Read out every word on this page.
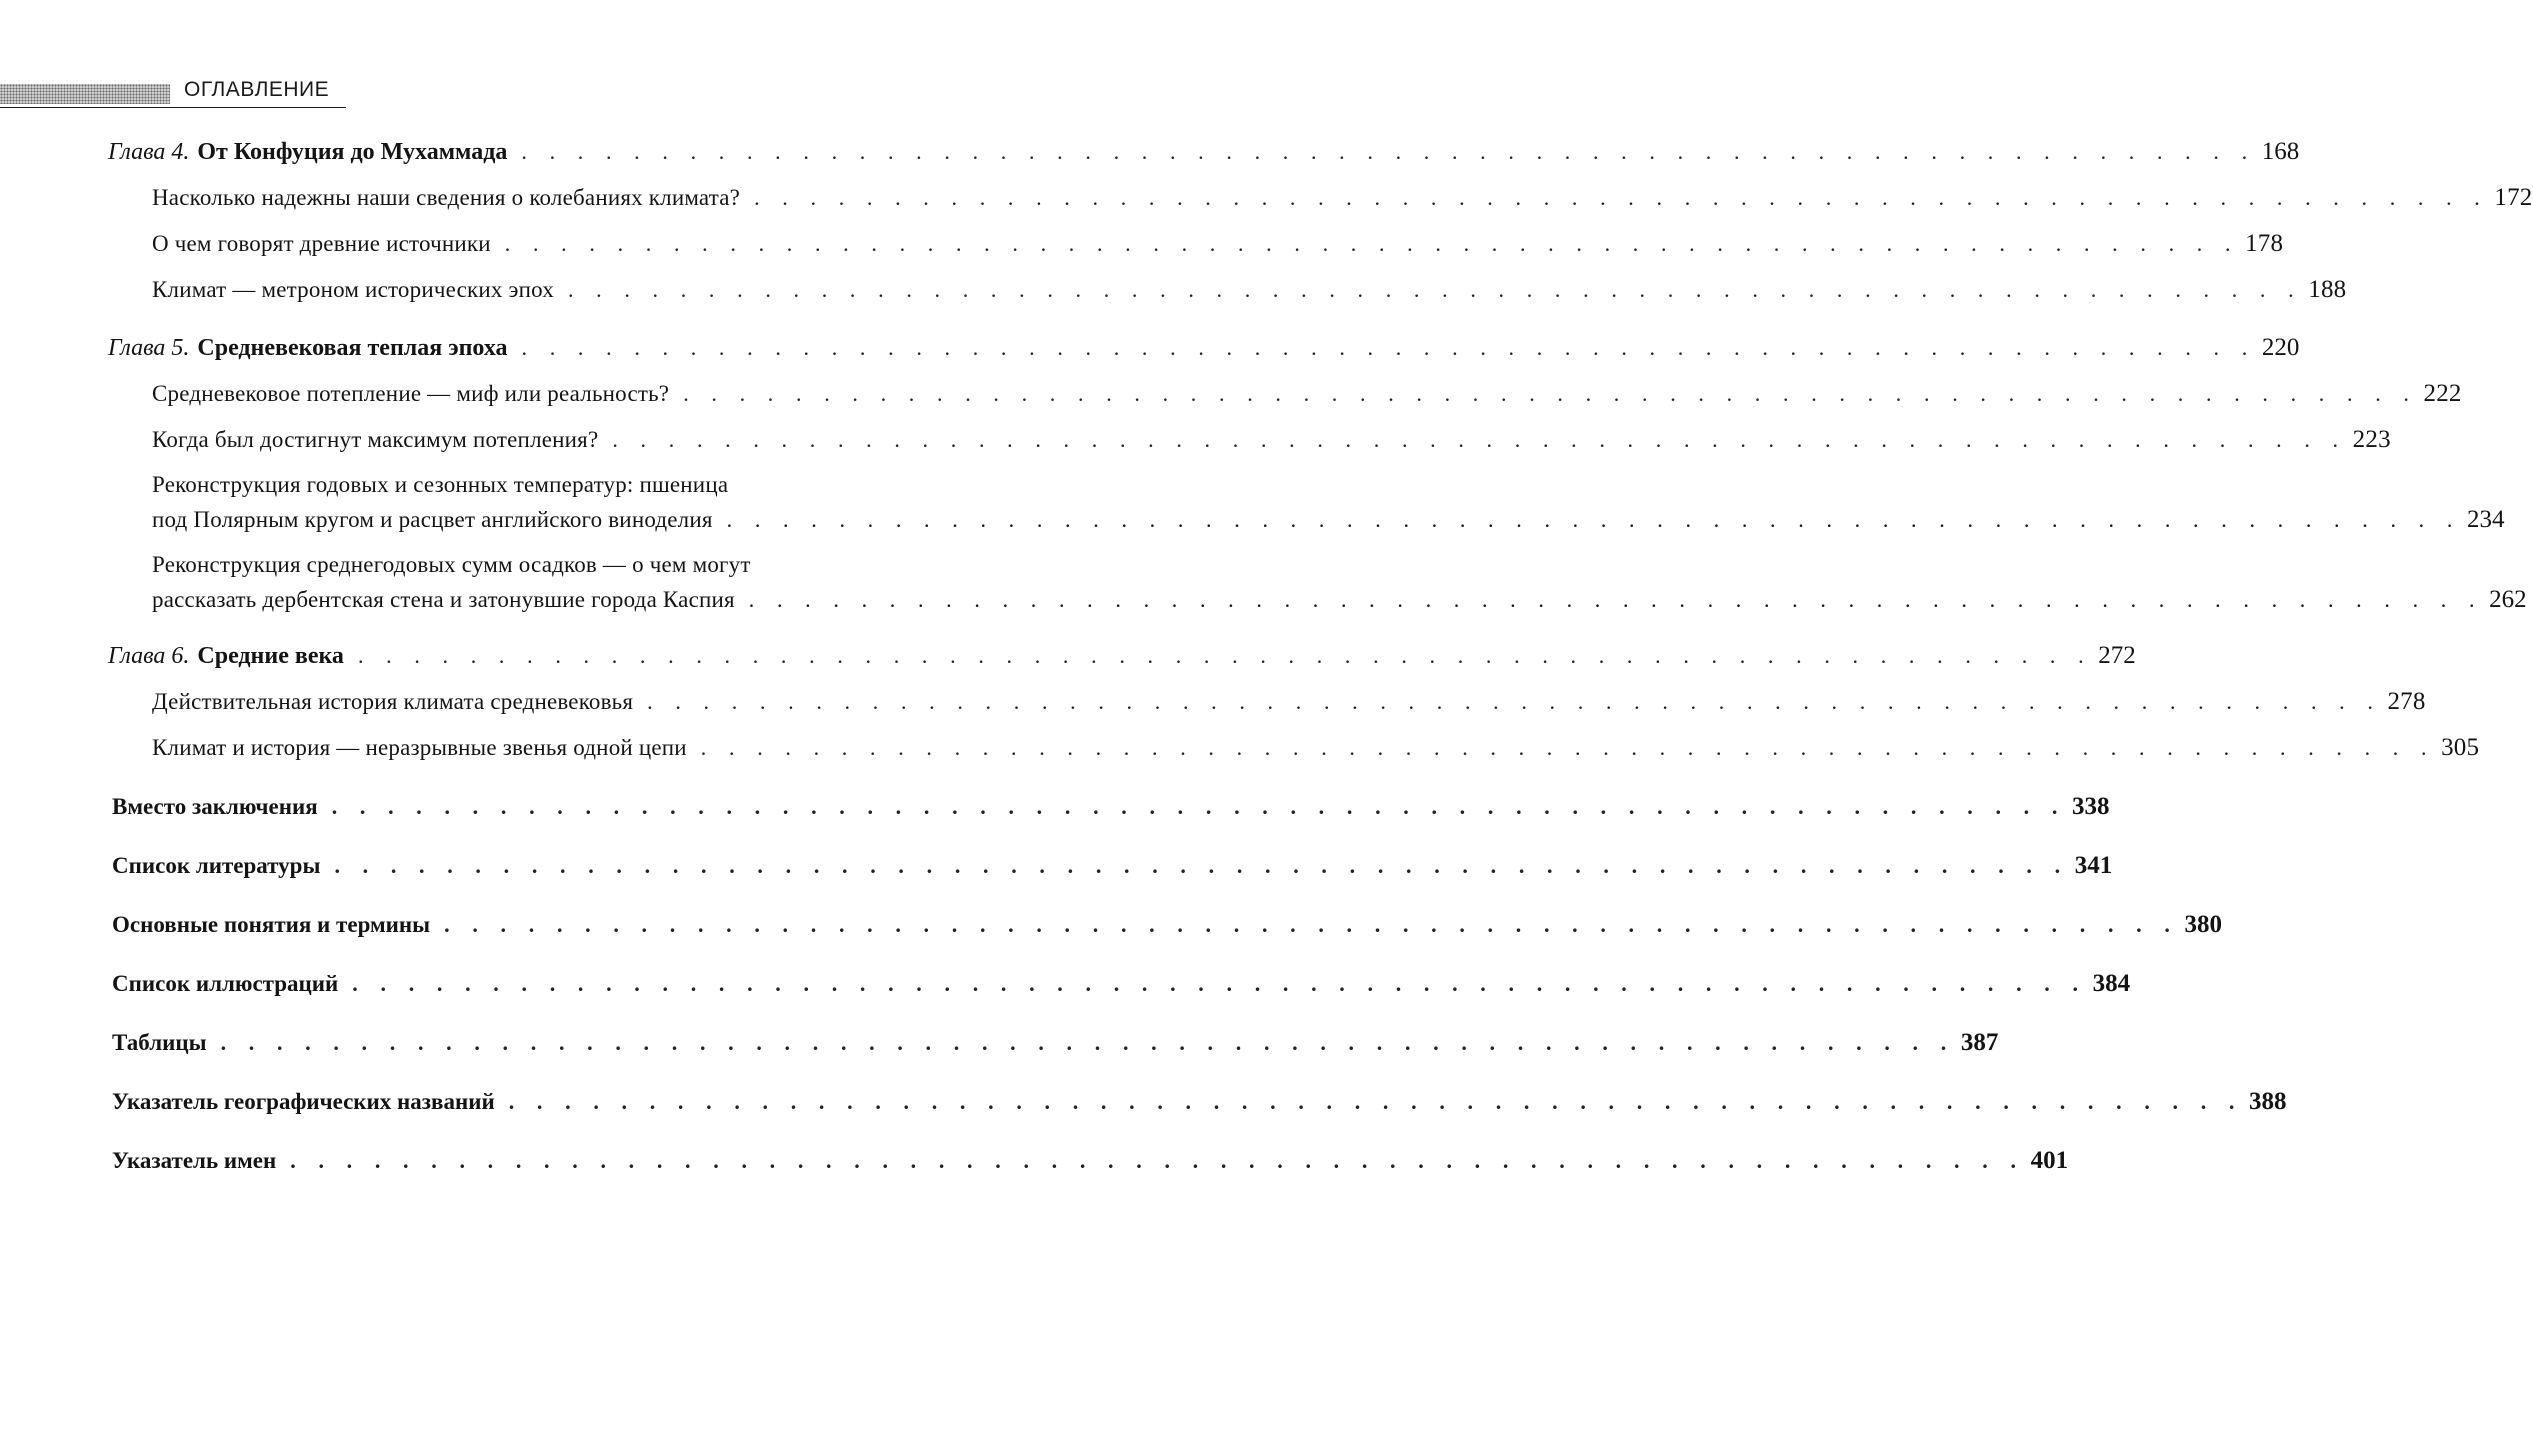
ОГЛАВЛЕНИЕ
Глава 4. От Конфуция до Мухаммада . . . . . . . . . . . . . . . . . . . . . . . . . . . . . . . . . . . . . . . . . . . . . . . . . . . . . . . . . . . . . . 168
Насколько надежны наши сведения о колебаниях климата? . . . . . . . . . . . . . . . . . . . . . . . . . . . . . . . . . . . . . . . . . . . . . . . . . . . . . . . . . . . . . . 172
О чем говорят древние источники . . . . . . . . . . . . . . . . . . . . . . . . . . . . . . . . . . . . . . . . . . . . . . . . . . . . . . . . . . . . . . 178
Климат — метроном исторических эпох . . . . . . . . . . . . . . . . . . . . . . . . . . . . . . . . . . . . . . . . . . . . . . . . . . . . . . . . . . . . . . 188
Глава 5. Средневековая теплая эпоха . . . . . . . . . . . . . . . . . . . . . . . . . . . . . . . . . . . . . . . . . . . . . . . . . . . . . . . . . . . . . . 220
Средневековое потепление — миф или реальность? . . . . . . . . . . . . . . . . . . . . . . . . . . . . . . . . . . . . . . . . . . . . . . . . . . . . . . . . . . . . . . 222
Когда был достигнут максимум потепления? . . . . . . . . . . . . . . . . . . . . . . . . . . . . . . . . . . . . . . . . . . . . . . . . . . . . . . . . . . . . . . 223
Реконструкция годовых и сезонных температур: пшеница
под Полярным кругом и расцвет английского виноделия . . . . . . . . . . . . . . . . . . . . . . . . . . . . . . . . . . . . . . . . . . . . . . . . . . . . . . . . . . . . . . 234
Реконструкция среднегодовых сумм осадков — о чем могут
рассказать дербентская стена и затонувшие города Каспия . . . . . . . . . . . . . . . . . . . . . . . . . . . . . . . . . . . . . . . . . . . . . . . . . . . . . . . . . . . . . . 262
Глава 6. Средние века . . . . . . . . . . . . . . . . . . . . . . . . . . . . . . . . . . . . . . . . . . . . . . . . . . . . . . . . . . . . . . 272
Действительная история климата средневековья . . . . . . . . . . . . . . . . . . . . . . . . . . . . . . . . . . . . . . . . . . . . . . . . . . . . . . . . . . . . . . 278
Климат и история — неразрывные звенья одной цепи . . . . . . . . . . . . . . . . . . . . . . . . . . . . . . . . . . . . . . . . . . . . . . . . . . . . . . . . . . . . . . 305
Вместо заключения . . . . . . . . . . . . . . . . . . . . . . . . . . . . . . . . . . . . . . . . . . . . . . . . . . . . . . . . . . . . . . 338
Список литературы . . . . . . . . . . . . . . . . . . . . . . . . . . . . . . . . . . . . . . . . . . . . . . . . . . . . . . . . . . . . . . 341
Основные понятия и термины . . . . . . . . . . . . . . . . . . . . . . . . . . . . . . . . . . . . . . . . . . . . . . . . . . . . . . . . . . . . . . 380
Список иллюстраций . . . . . . . . . . . . . . . . . . . . . . . . . . . . . . . . . . . . . . . . . . . . . . . . . . . . . . . . . . . . . . 384
Таблицы . . . . . . . . . . . . . . . . . . . . . . . . . . . . . . . . . . . . . . . . . . . . . . . . . . . . . . . . . . . . . . 387
Указатель географических названий . . . . . . . . . . . . . . . . . . . . . . . . . . . . . . . . . . . . . . . . . . . . . . . . . . . . . . . . . . . . . . 388
Указатель имен . . . . . . . . . . . . . . . . . . . . . . . . . . . . . . . . . . . . . . . . . . . . . . . . . . . . . . . . . . . . . . 401
